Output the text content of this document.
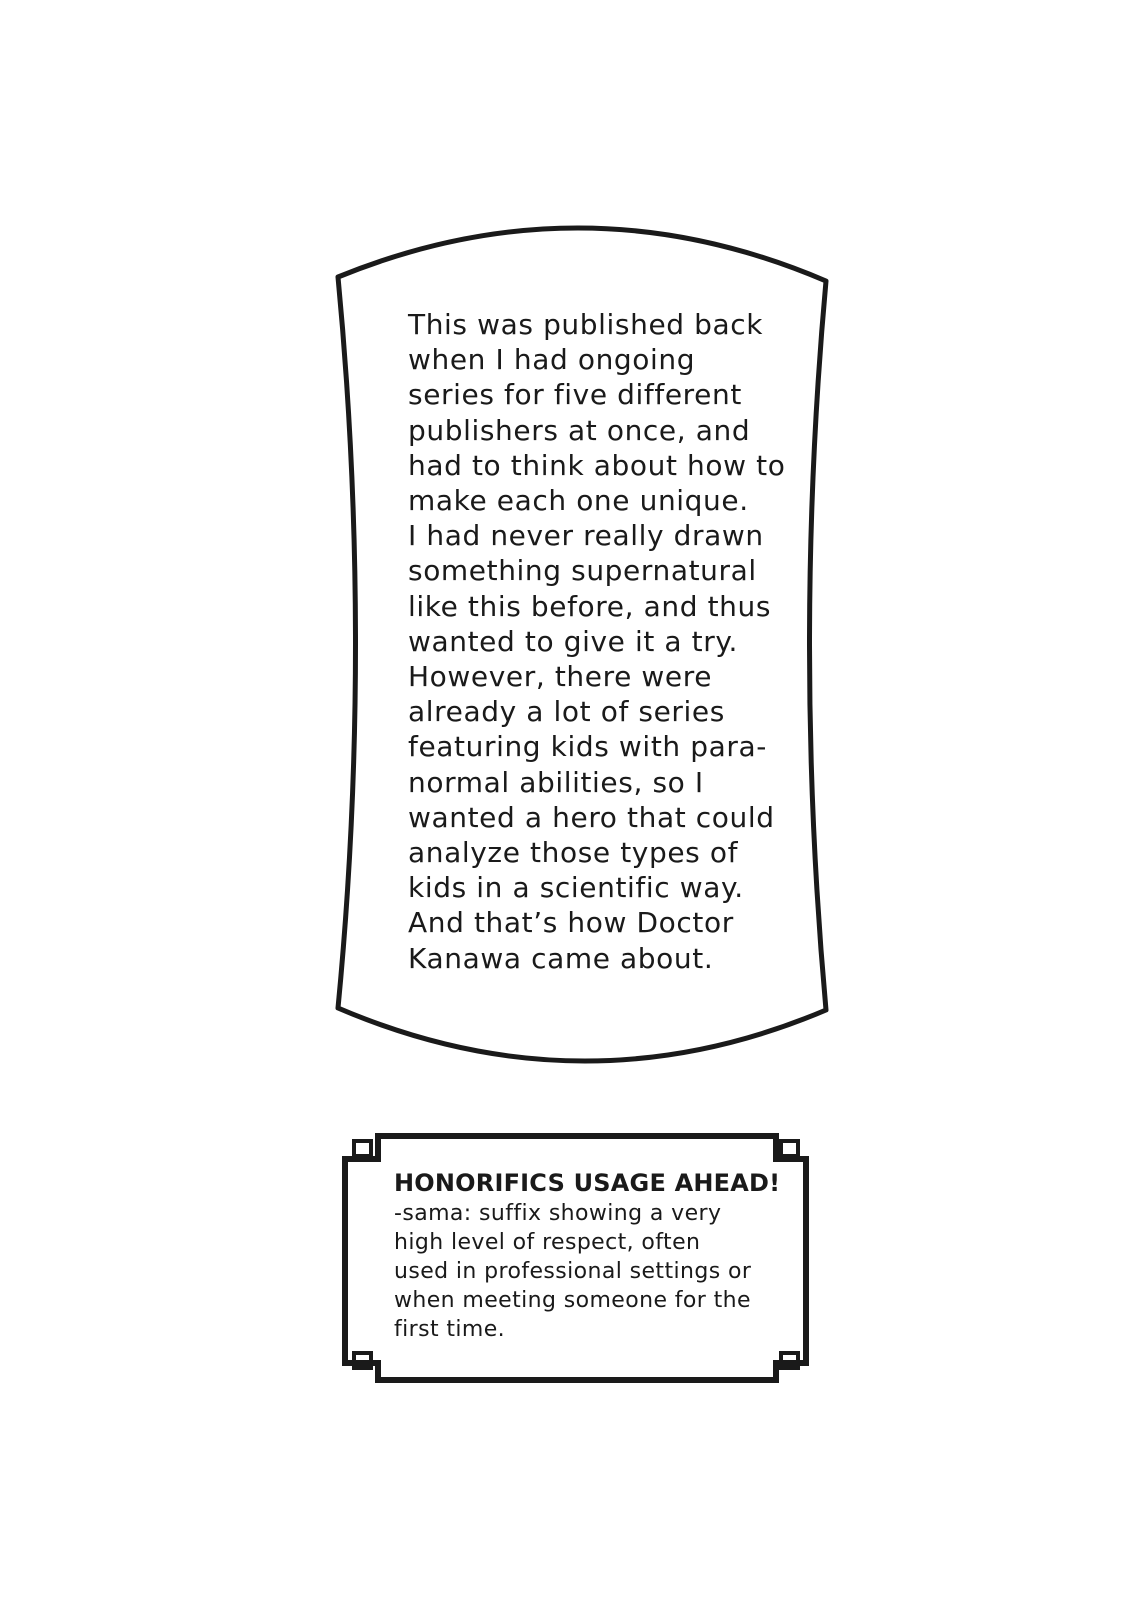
This was published back
when I had ongoing
series for five different
publishers at once, and
had to think about how to
make each one unique.
I had never really drawn
something supernatural
like this before, and thus
wanted to give it a try.
However, there were
already a lot of series
featuring kids with para-
normal abilities, so I
wanted a hero that could
analyze those types of
kids in a scientific way.
And that’s how Doctor
Kanawa came about.
HONORIFICS USAGE AHEAD!
-sama: suffix showing a very
high level of respect, often
used in professional settings or
when meeting someone for the
first time.
